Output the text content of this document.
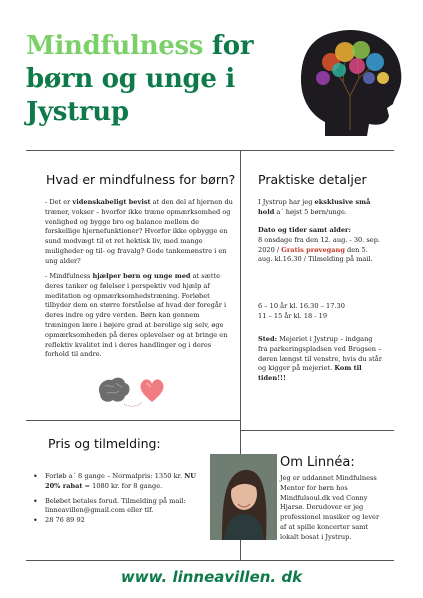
Mindfulness for
børn og unge i
Jystrup
Hvad er mindfulness for børn?
- Det er videnskabeligt bevist at den del af hjernen du træner, vokser – hvorfor ikke træne opmærksomhed og venlighed og bygge bro og balance mellem de forskellige hjernefunktioner? Hvorfor ikke opbygge en sund modvægt til et ret hektisk liv, med mange muligheder og til- og fravalg? Gode tankemønstre i en ung alder?
- Mindfulness hjælper børn og unge med at sætte deres tanker og følelser i perspektiv ved hjælp af meditation og opmærksomhedstræning. Forløbet tilbyder dem en større forståelse af hvad der foregår i deres indre og ydre verden. Børn kan gennem træningen lære i højere grad at berolige sig selv, øge opmærksomheden på deres oplevelser og at bringe en reflektiv kvalitet ind i deres handlinger og i deres forhold til andre.
Praktiske detaljer
I Jystrup har jeg eksklusive små hold a´ højst 5 børn/unge.
Dato og tider samt alder:
8 onsdage fra den 12. aug. - 30. sep. 2020 / Gratis prøvegang den 5. aug. kl.16.30 / Tilmelding på mail.
6 – 10 år kl. 16.30 – 17.30
11 – 15 år kl. 18 - 19
Sted: Mejeriet i Jystrup – indgang fra parkeringspladsen ved Brugsen – døren længst til venstre, hvis du står og kigger på mejeriet. Kom til tiden!!!
Pris og tilmelding:
• Forløb a´ 8 gange – Normalpris: 1350 kr. NU 20% rabat = 1080 kr. for 8 gange.
• Beløbet betales forud. Tilmelding på mail: linneavillen@gmail.com eller tlf.
• 28 76 89 92
Om Linnéa:
Jeg er uddannet Mindfulness Mentor for børn hos Mindfulsoul.dk ved Conny Hjarsø. Derudover er jeg professionel musiker og lever af at spille koncerter samt lokalt bosat i Jystrup.
www. linneavillen. dk
